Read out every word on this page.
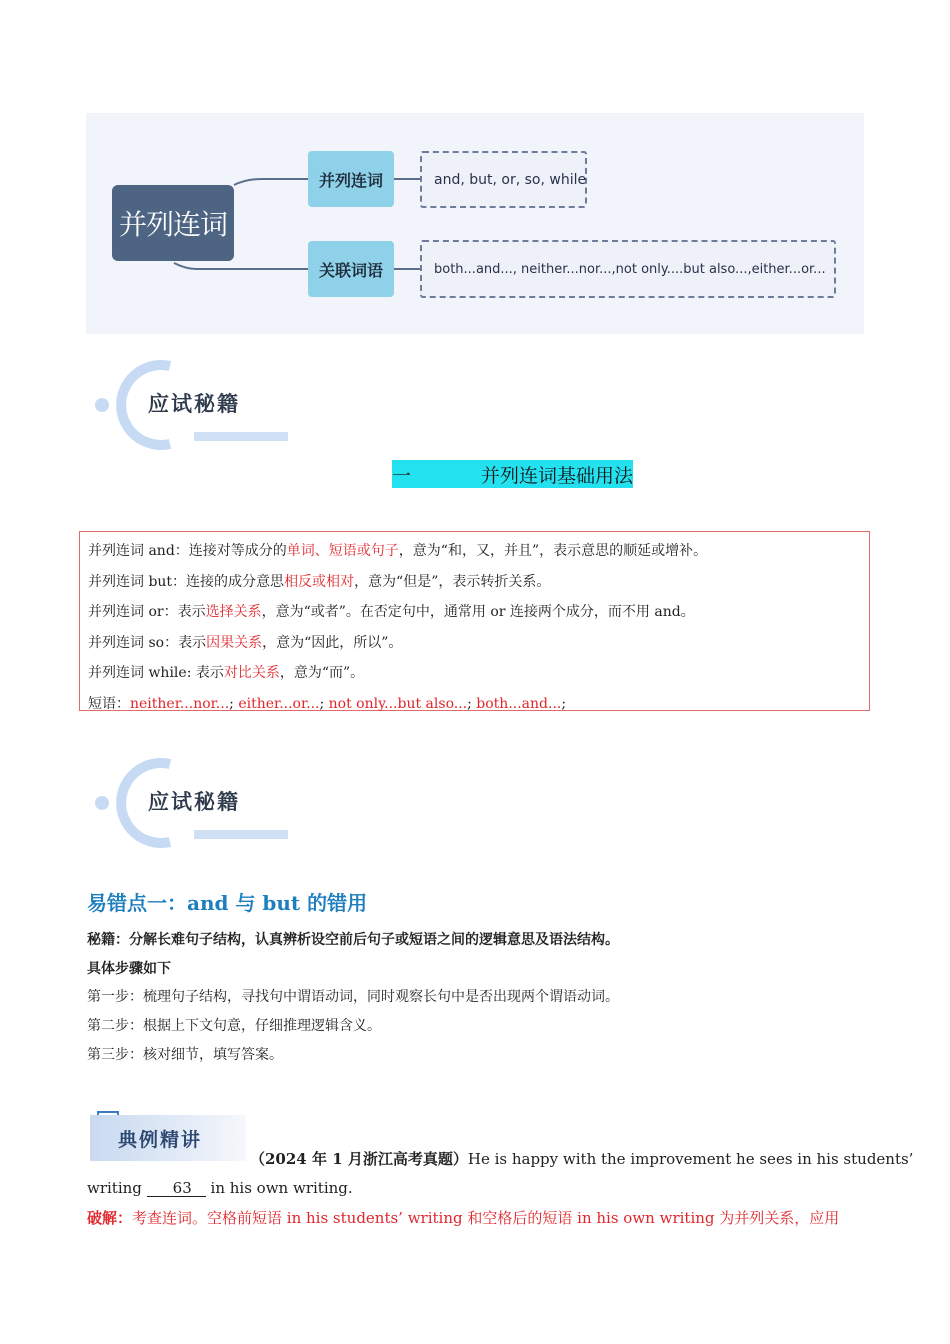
并列连词
并列连词
关联词语
and, but, or, so, while
both...and..., neither...nor...,not only....but also...,either...or...
应试秘籍
一	并列连词基础用法
并列连词 and：连接对等成分的单词、短语或句子，意为“和，又，并且”，表示意思的顺延或增补。
并列连词 but：连接的成分意思相反或相对，意为“但是”，表示转折关系。
并列连词 or：表示选择关系，意为“或者”。在否定句中，通常用 or 连接两个成分，而不用 and。
并列连词 so：表示因果关系，意为“因此，所以”。
并列连词 while: 表示对比关系，意为“而”。
短语：neither...nor...; either...or...; not only...but also...; both...and...;
应试秘籍
易错点一：and 与 but 的错用
秘籍：分解长难句子结构，认真辨析设空前后句子或短语之间的逻辑意思及语法结构。
具体步骤如下
第一步：梳理句子结构，寻找句中谓语动词，同时观察长句中是否出现两个谓语动词。
第二步：根据上下文句意，仔细推理逻辑含义。
第三步：核对细节，填写答案。
典例精讲
（2024 年 1 月浙江高考真题）He is happy with the improvement he sees in his students’
writing 63 in his own writing.
破解：考查连词。空格前短语 in his students’ writing 和空格后的短语 in his own writing 为并列关系，应用
